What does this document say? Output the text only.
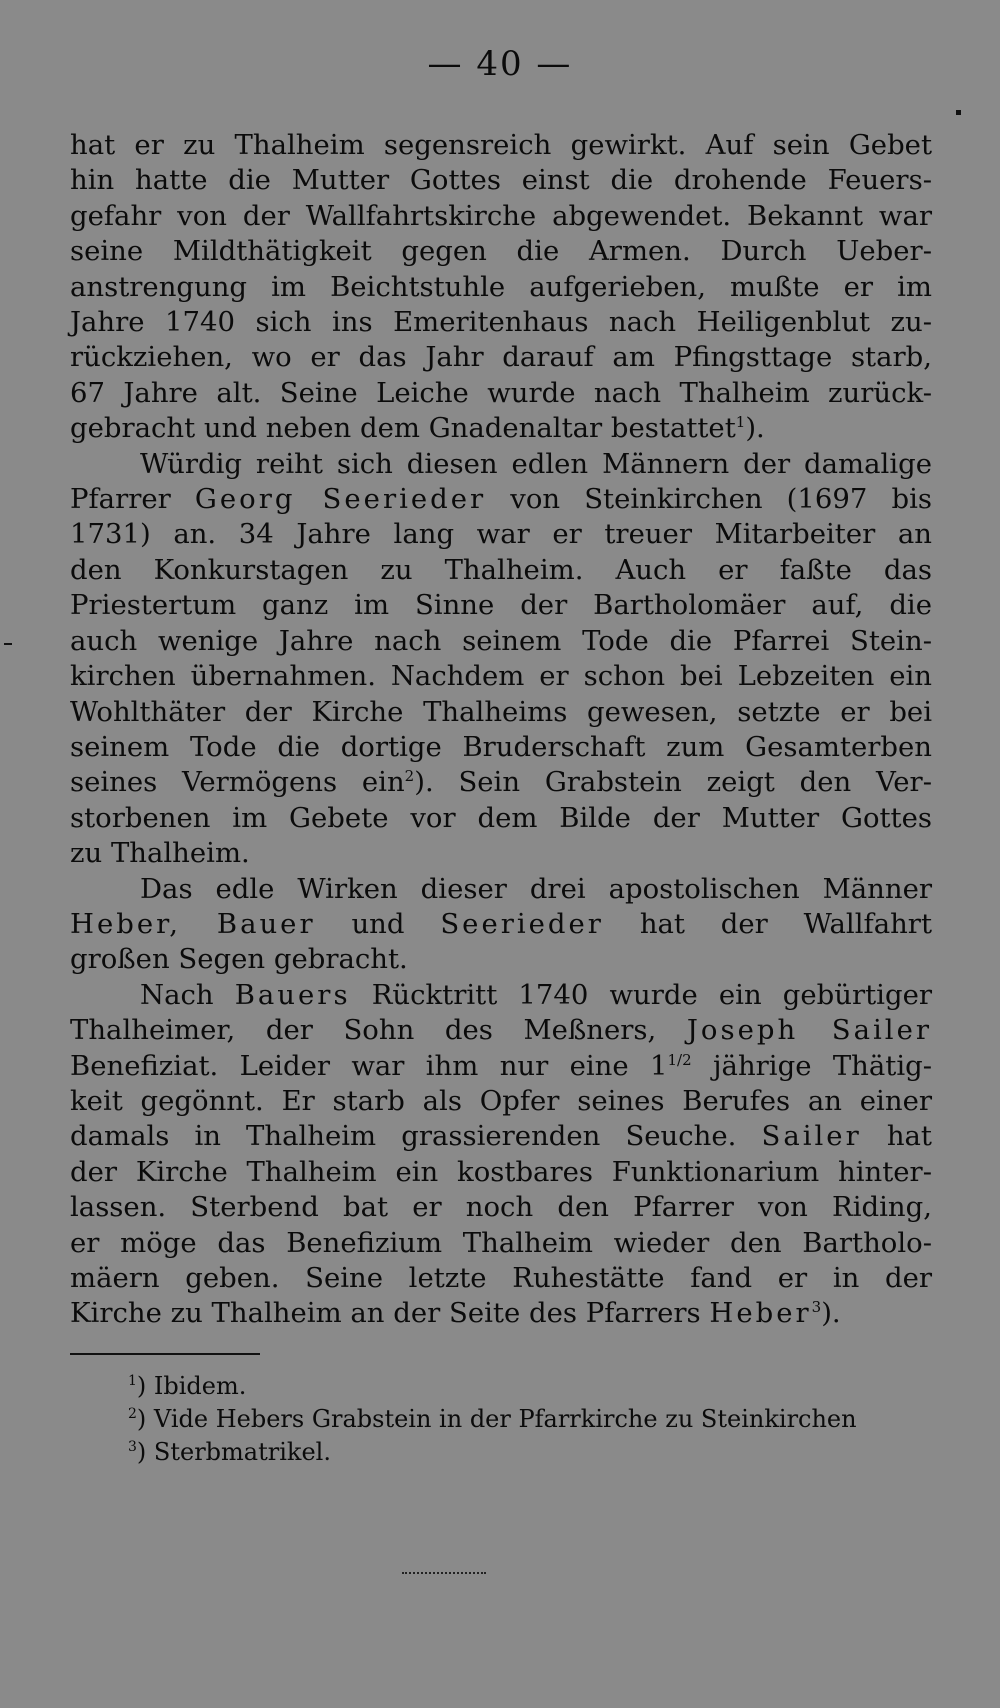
— 40 —
hat er zu Thalheim segensreich gewirkt. Auf sein Gebet
hin hatte die Mutter Gottes einst die drohende Feuers-
gefahr von der Wallfahrtskirche abgewendet. Bekannt war
seine Mildthätigkeit gegen die Armen. Durch Ueber-
anstrengung im Beichtstuhle aufgerieben, mußte er im
Jahre 1740 sich ins Emeritenhaus nach Heiligenblut zu-
rückziehen, wo er das Jahr darauf am Pfingsttage starb,
67 Jahre alt. Seine Leiche wurde nach Thalheim zurück-
gebracht und neben dem Gnadenaltar bestattet$^1$).
Würdig reiht sich diesen edlen Männern der damalige
Pfarrer Georg Seerieder von Steinkirchen (1697 bis
1731) an. 34 Jahre lang war er treuer Mitarbeiter an
den Konkurstagen zu Thalheim. Auch er faßte das
Priestertum ganz im Sinne der Bartholomäer auf, die
auch wenige Jahre nach seinem Tode die Pfarrei Stein-
kirchen übernahmen. Nachdem er schon bei Lebzeiten ein
Wohlthäter der Kirche Thalheims gewesen, setzte er bei
seinem Tode die dortige Bruderschaft zum Gesamterben
seines Vermögens ein$^2$). Sein Grabstein zeigt den Ver-
storbenen im Gebete vor dem Bilde der Mutter Gottes
zu Thalheim.
Das edle Wirken dieser drei apostolischen Männer
Heber, Bauer und Seerieder hat der Wallfahrt
großen Segen gebracht.
Nach Bauers Rücktritt 1740 wurde ein gebürtiger
Thalheimer, der Sohn des Meßners, Joseph Sailer
Benefiziat. Leider war ihm nur eine $1^{1/2}$ jährige Thätig-
keit gegönnt. Er starb als Opfer seines Berufes an einer
damals in Thalheim grassierenden Seuche. Sailer hat
der Kirche Thalheim ein kostbares Funktionarium hinter-
lassen. Sterbend bat er noch den Pfarrer von Riding,
er möge das Benefizium Thalheim wieder den Bartholo-
mäern geben. Seine letzte Ruhestätte fand er in der
Kirche zu Thalheim an der Seite des Pfarrers Heber$^3$).
$^1$) Ibidem.
$^2$) Vide Hebers Grabstein in der Pfarrkirche zu Steinkirchen
$^3$) Sterbmatrikel.
